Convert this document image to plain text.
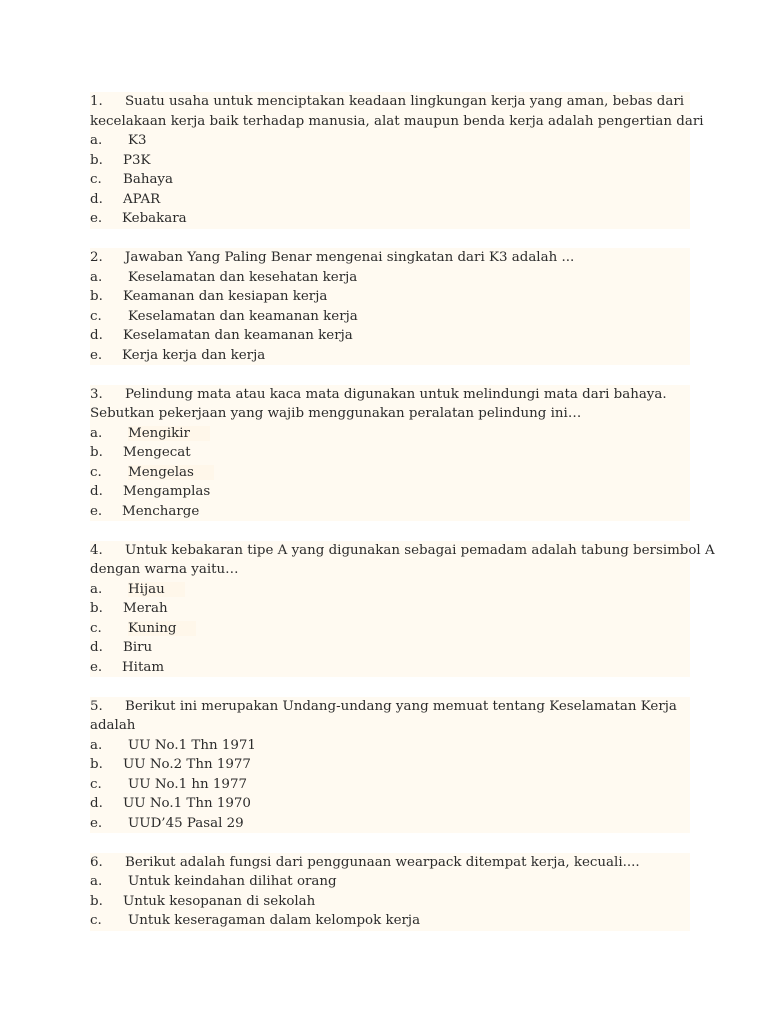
1. Suatu usaha untuk menciptakan keadaan lingkungan kerja yang aman, bebas dari
kecelakaan kerja baik terhadap manusia, alat maupun benda kerja adalah pengertian dari
a. K3
b. P3K
c. Bahaya
d. APAR
e. Kebakara
2. Jawaban Yang Paling Benar mengenai singkatan dari K3 adalah ...
a. Keselamatan dan kesehatan kerja
b. Keamanan dan kesiapan kerja
c. Keselamatan dan keamanan kerja
d. Keselamatan dan keamanan kerja
e. Kerja kerja dan kerja
3. Pelindung mata atau kaca mata digunakan untuk melindungi mata dari bahaya.
Sebutkan pekerjaan yang wajib menggunakan peralatan pelindung ini…
a. Mengikir
b. Mengecat
c. Mengelas
d. Mengamplas
e. Mencharge
4. Untuk kebakaran tipe A yang digunakan sebagai pemadam adalah tabung bersimbol A
dengan warna yaitu…
a. Hijau
b. Merah
c. Kuning
d. Biru
e. Hitam
5. Berikut ini merupakan Undang-undang yang memuat tentang Keselamatan Kerja
adalah
a. UU No.1 Thn 1971
b. UU No.2 Thn 1977
c. UU No.1 hn 1977
d. UU No.1 Thn 1970
e. UUD’45 Pasal 29
6. Berikut adalah fungsi dari penggunaan wearpack ditempat kerja, kecuali....
a. Untuk keindahan dilihat orang
b. Untuk kesopanan di sekolah
c. Untuk keseragaman dalam kelompok kerja
